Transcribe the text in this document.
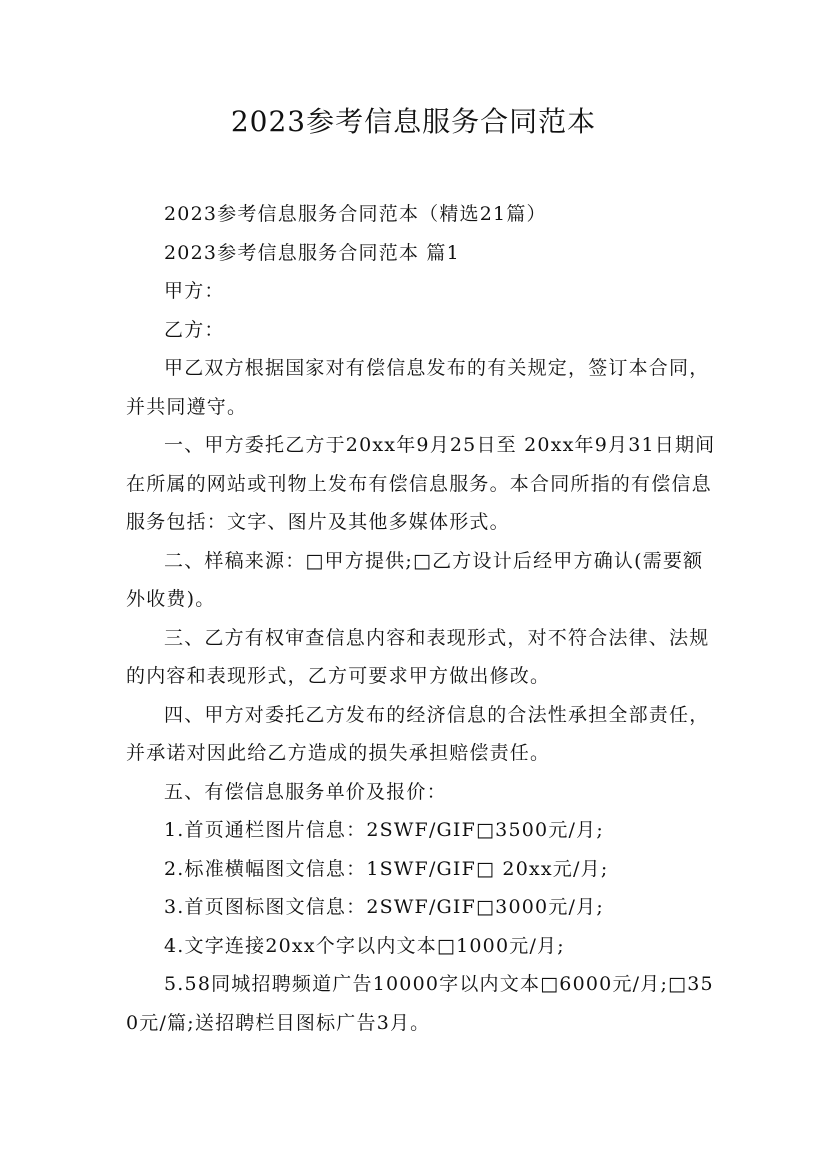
2023参考信息服务合同范本

2023参考信息服务合同范本（精选21篇）

2023参考信息服务合同范本 篇1

甲方：

乙方：

甲乙双方根据国家对有偿信息发布的有关规定，签订本合同，并共同遵守。

一、甲方委托乙方于20xx年9月25日至 20xx年9月31日期间在所属的网站或刊物上发布有偿信息服务。本合同所指的有偿信息服务包括：文字、图片及其他多媒体形式。

二、样稿来源：□甲方提供;□乙方设计后经甲方确认(需要额外收费)。

三、乙方有权审查信息内容和表现形式，对不符合法律、法规的内容和表现形式，乙方可要求甲方做出修改。

四、甲方对委托乙方发布的经济信息的合法性承担全部责任，并承诺对因此给乙方造成的损失承担赔偿责任。

五、有偿信息服务单价及报价：

1.首页通栏图片信息：2SWF/GIF□3500元/月;

2.标准横幅图文信息：1SWF/GIF□ 20xx元/月;

3.首页图标图文信息：2SWF/GIF□3000元/月;

4.文字连接20xx个字以内文本□1000元/月;

5.58同城招聘频道广告10000字以内文本□6000元/月;□350元/篇;送招聘栏目图标广告3月。
